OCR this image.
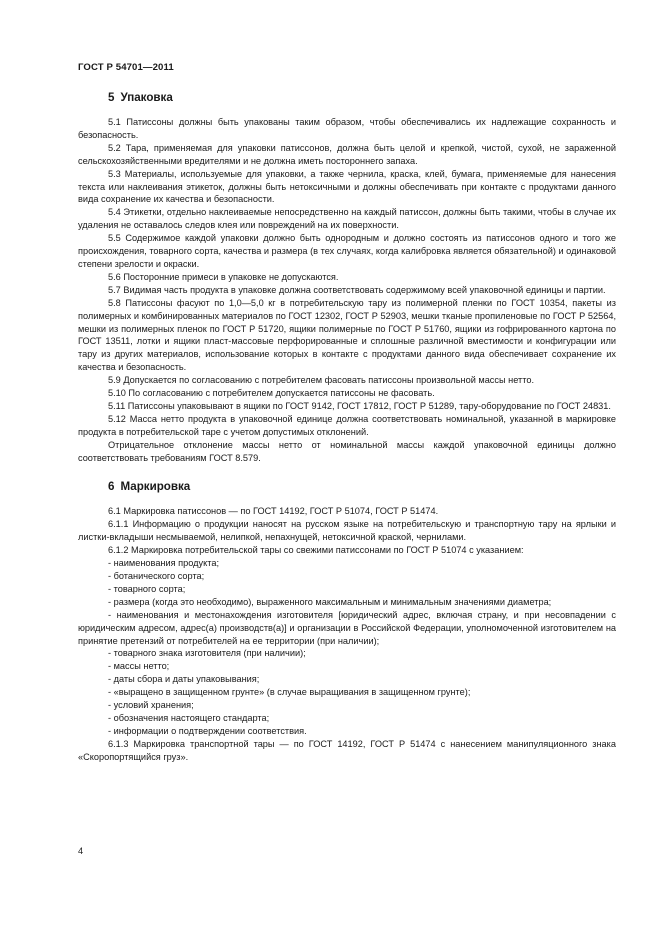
ГОСТ Р 54701—2011
5 Упаковка

5.1 Патиссоны должны быть упакованы таким образом, чтобы обеспечивались их надлежащие сохранность и безопасность.

5.2 Тара, применяемая для упаковки патиссонов, должна быть целой и крепкой, чистой, сухой, не зараженной сельскохозяйственными вредителями и не должна иметь постороннего запаха.

5.3 Материалы, используемые для упаковки, а также чернила, краска, клей, бумага, применяемые для нанесения текста или наклеивания этикеток, должны быть нетоксичными и должны обеспечивать при контакте с продуктами данного вида сохранение их качества и безопасности.

5.4 Этикетки, отдельно наклеиваемые непосредственно на каждый патиссон, должны быть такими, чтобы в случае их удаления не оставалось следов клея или повреждений на их поверхности.

5.5 Содержимое каждой упаковки должно быть однородным и должно состоять из патиссонов одного и того же происхождения, товарного сорта, качества и размера (в тех случаях, когда калибровка является обязательной) и одинаковой степени зрелости и окраски.

5.6 Посторонние примеси в упаковке не допускаются.

5.7 Видимая часть продукта в упаковке должна соответствовать содержимому всей упаковочной единицы и партии.

5.8 Патиссоны фасуют по 1,0—5,0 кг в потребительскую тару из полимерной пленки по ГОСТ 10354, пакеты из полимерных и комбинированных материалов по ГОСТ 12302, ГОСТ Р 52903, мешки тканые пропиленовые по ГОСТ Р 52564, мешки из полимерных пленок по ГОСТ Р 51720, ящики полимерные по ГОСТ Р 51760, ящики из гофрированного картона по ГОСТ 13511, лотки и ящики пласт-массовые перфорированные и сплошные различной вместимости и конфигурации или тару из других материалов, использование которых в контакте с продуктами данного вида обеспечивает сохранение их качества и безопасность.

5.9 Допускается по согласованию с потребителем фасовать патиссоны произвольной массы нетто.

5.10 По согласованию с потребителем допускается патиссоны не фасовать.

5.11 Патиссоны упаковывают в ящики по ГОСТ 9142, ГОСТ 17812, ГОСТ Р 51289, тару-оборудование по ГОСТ 24831.

5.12 Масса нетто продукта в упаковочной единице должна соответствовать номинальной, указанной в маркировке продукта в потребительской таре с учетом допустимых отклонений.

Отрицательное отклонение массы нетто от номинальной массы каждой упаковочной единицы должно соответствовать требованиям ГОСТ 8.579.

6 Маркировка

6.1 Маркировка патиссонов — по ГОСТ 14192, ГОСТ Р 51074, ГОСТ Р 51474.

6.1.1 Информацию о продукции наносят на русском языке на потребительскую и транспортную тару на ярлыки и листки-вкладыши несмываемой, нелипкой, непахнущей, нетоксичной краской, чернилами.

6.1.2 Маркировка потребительской тары со свежими патиссонами по ГОСТ Р 51074 с указанием:

- наименования продукта;

- ботанического сорта;

- товарного сорта;

- размера (когда это необходимо), выраженного максимальным и минимальным значениями диаметра;

- наименования и местонахождения изготовителя [юридический адрес, включая страну, и при несовпадении с юридическим адресом, адрес(а) производств(а)] и организации в Российской Федерации, уполномоченной изготовителем на принятие претензий от потребителей на ее территории (при наличии);

- товарного знака изготовителя (при наличии);

- массы нетто;

- даты сбора и даты упаковывания;

- «выращено в защищенном грунте» (в случае выращивания в защищенном грунте);

- условий хранения;

- обозначения настоящего стандарта;

- информации о подтверждении соответствия.

6.1.3 Маркировка транспортной тары — по ГОСТ 14192, ГОСТ Р 51474 с нанесением манипуляционного знака «Скоропортящийся груз».

4
